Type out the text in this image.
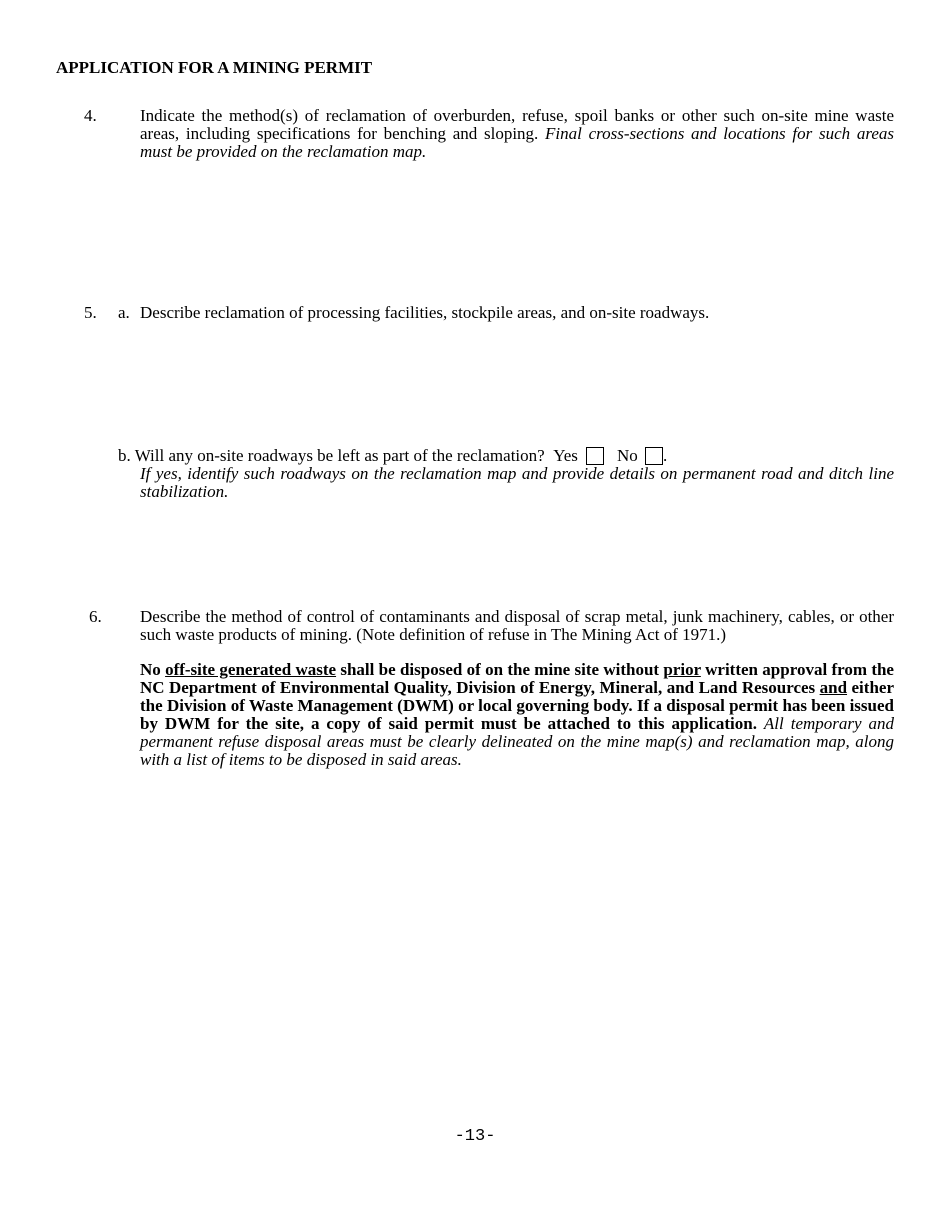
APPLICATION FOR A MINING PERMIT
4.	Indicate the method(s) of reclamation of overburden, refuse, spoil banks or other such on-site mine waste areas, including specifications for benching and sloping. Final cross-sections and locations for such areas must be provided on the reclamation map.
5. a. Describe reclamation of processing facilities, stockpile areas, and on-site roadways.
b. Will any on-site roadways be left as part of the reclamation? Yes No .
If yes, identify such roadways on the reclamation map and provide details on permanent road and ditch line stabilization.
6. Describe the method of control of contaminants and disposal of scrap metal, junk machinery, cables, or other such waste products of mining. (Note definition of refuse in The Mining Act of 1971.)
No off-site generated waste shall be disposed of on the mine site without prior written approval from the NC Department of Environmental Quality, Division of Energy, Mineral, and Land Resources and either the Division of Waste Management (DWM) or local governing body. If a disposal permit has been issued by DWM for the site, a copy of said permit must be attached to this application. All temporary and permanent refuse disposal areas must be clearly delineated on the mine map(s) and reclamation map, along with a list of items to be disposed in said areas.
-13-
